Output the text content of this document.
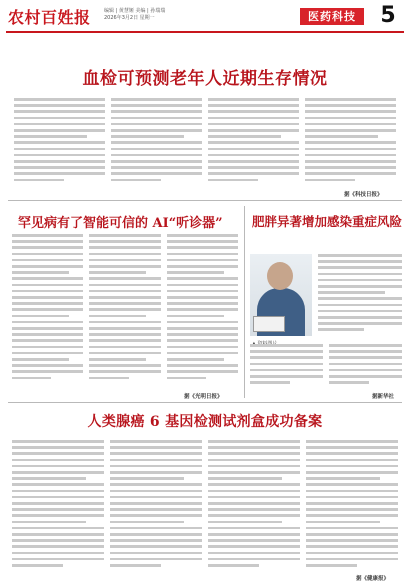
农村百姓报	编辑 | 黄慧姬 美编 | 孙瑞瑞
2026年3月2日 星期一	医药科技	5
血检可预测老年人近期生存情况
据《科技日报》
罕见病有了智能可信的 AI“听诊器”
据《光明日报》
肥胖异著增加感染重症风险
据新华社
人类腺癌 6 基因检测试剂盒成功备案
据《健康报》
